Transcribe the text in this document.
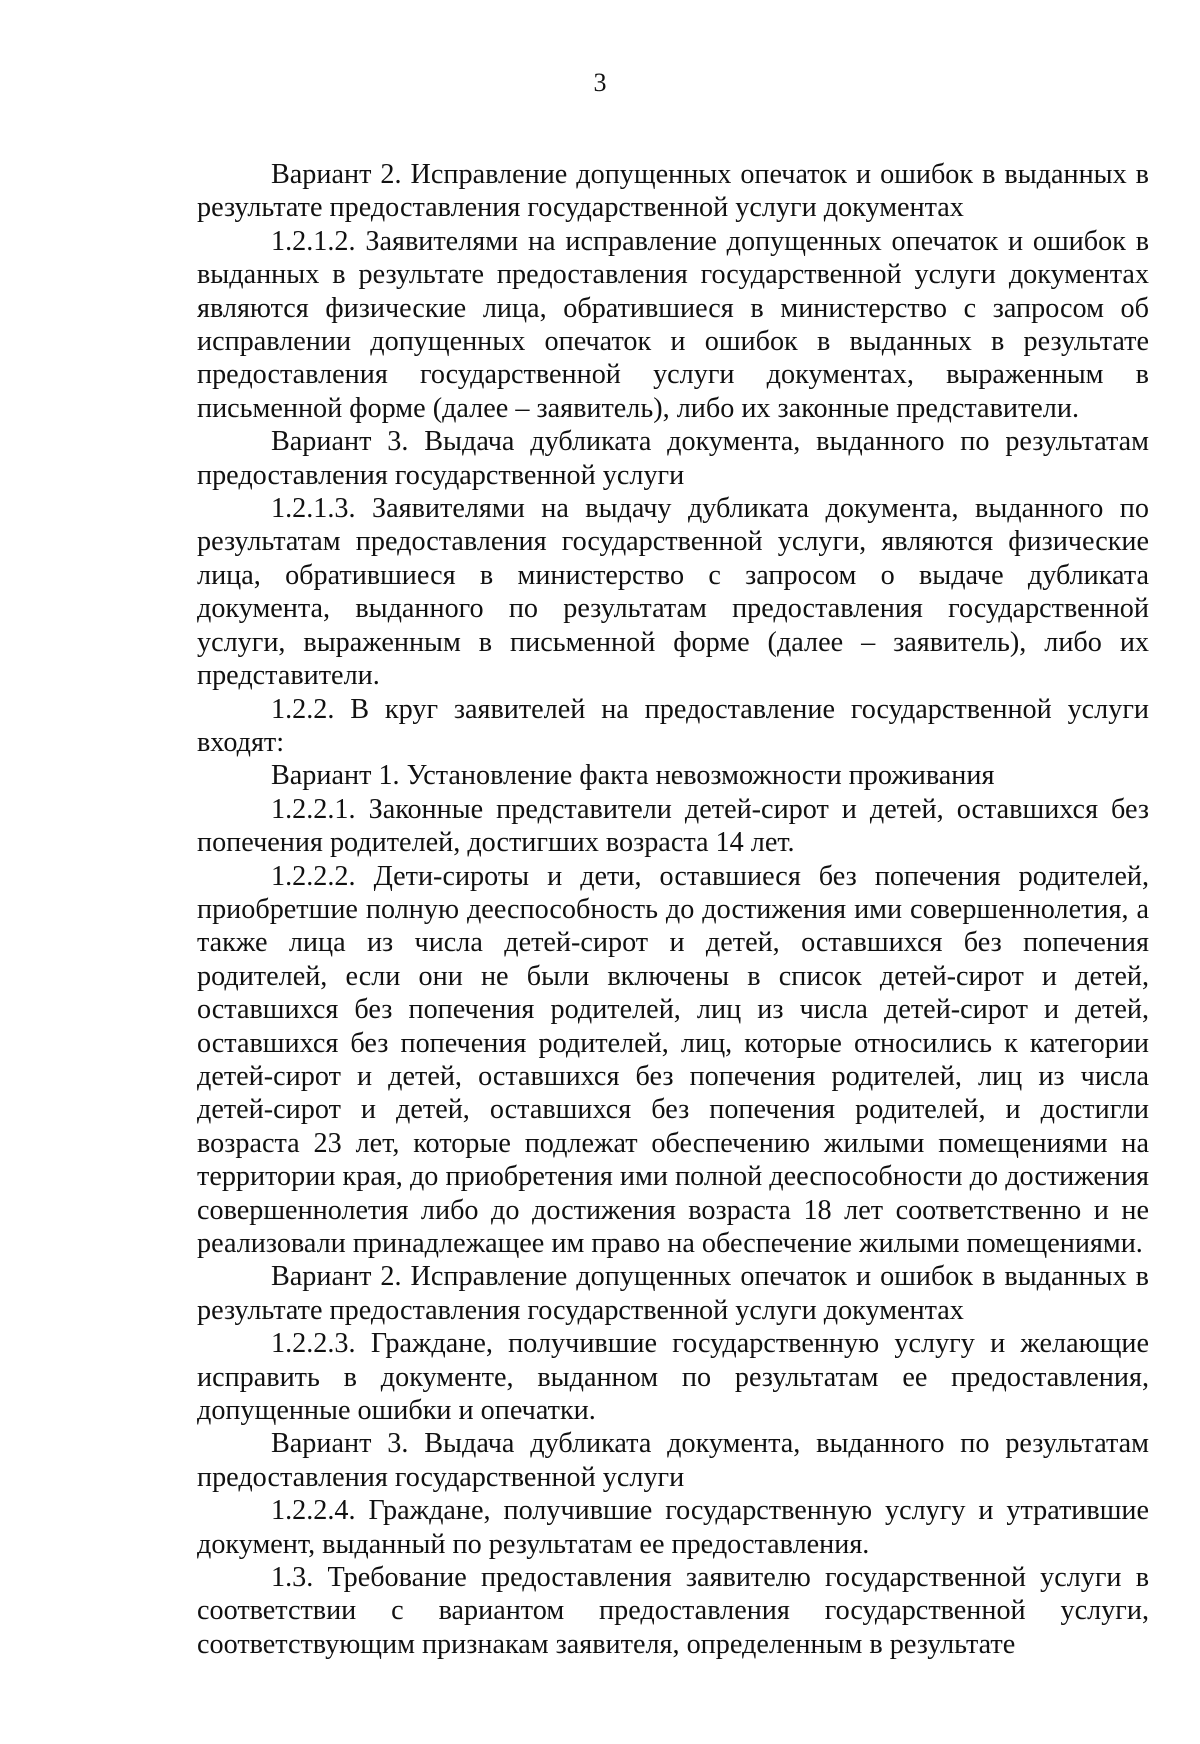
3

Вариант 2. Исправление допущенных опечаток и ошибок в выданных в результате предоставления государственной услуги документах

1.2.1.2. Заявителями на исправление допущенных опечаток и ошибок в выданных в результате предоставления государственной услуги документах являются физические лица, обратившиеся в министерство с запросом об исправлении допущенных опечаток и ошибок в выданных в результате предоставления государственной услуги документах, выраженным в письменной форме (далее – заявитель), либо их законные представители.

Вариант 3. Выдача дубликата документа, выданного по результатам предоставления государственной услуги

1.2.1.3. Заявителями на выдачу дубликата документа, выданного по результатам предоставления государственной услуги, являются физические лица, обратившиеся в министерство с запросом о выдаче дубликата документа, выданного по результатам предоставления государственной услуги, выраженным в письменной форме (далее – заявитель), либо их представители.

1.2.2. В круг заявителей на предоставление государственной услуги входят:

Вариант 1. Установление факта невозможности проживания

1.2.2.1. Законные представители детей-сирот и детей, оставшихся без попечения родителей, достигших возраста 14 лет.

1.2.2.2. Дети-сироты и дети, оставшиеся без попечения родителей, приобретшие полную дееспособность до достижения ими совершеннолетия, а также лица из числа детей-сирот и детей, оставшихся без попечения родителей, если они не были включены в список детей-сирот и детей, оставшихся без попечения родителей, лиц из числа детей-сирот и детей, оставшихся без попечения родителей, лиц, которые относились к категории детей-сирот и детей, оставшихся без попечения родителей, лиц из числа детей-сирот и детей, оставшихся без попечения родителей, и достигли возраста 23 лет, которые подлежат обеспечению жилыми помещениями на территории края, до приобретения ими полной дееспособности до достижения совершеннолетия либо до достижения возраста 18 лет соответственно и не реализовали принадлежащее им право на обеспечение жилыми помещениями.

Вариант 2. Исправление допущенных опечаток и ошибок в выданных в результате предоставления государственной услуги документах

1.2.2.3. Граждане, получившие государственную услугу и желающие исправить в документе, выданном по результатам ее предоставления, допущенные ошибки и опечатки.

Вариант 3. Выдача дубликата документа, выданного по результатам предоставления государственной услуги

1.2.2.4. Граждане, получившие государственную услугу и утратившие документ, выданный по результатам ее предоставления.

1.3. Требование предоставления заявителю государственной услуги в соответствии с вариантом предоставления государственной услуги, соответствующим признакам заявителя, определенным в результате
